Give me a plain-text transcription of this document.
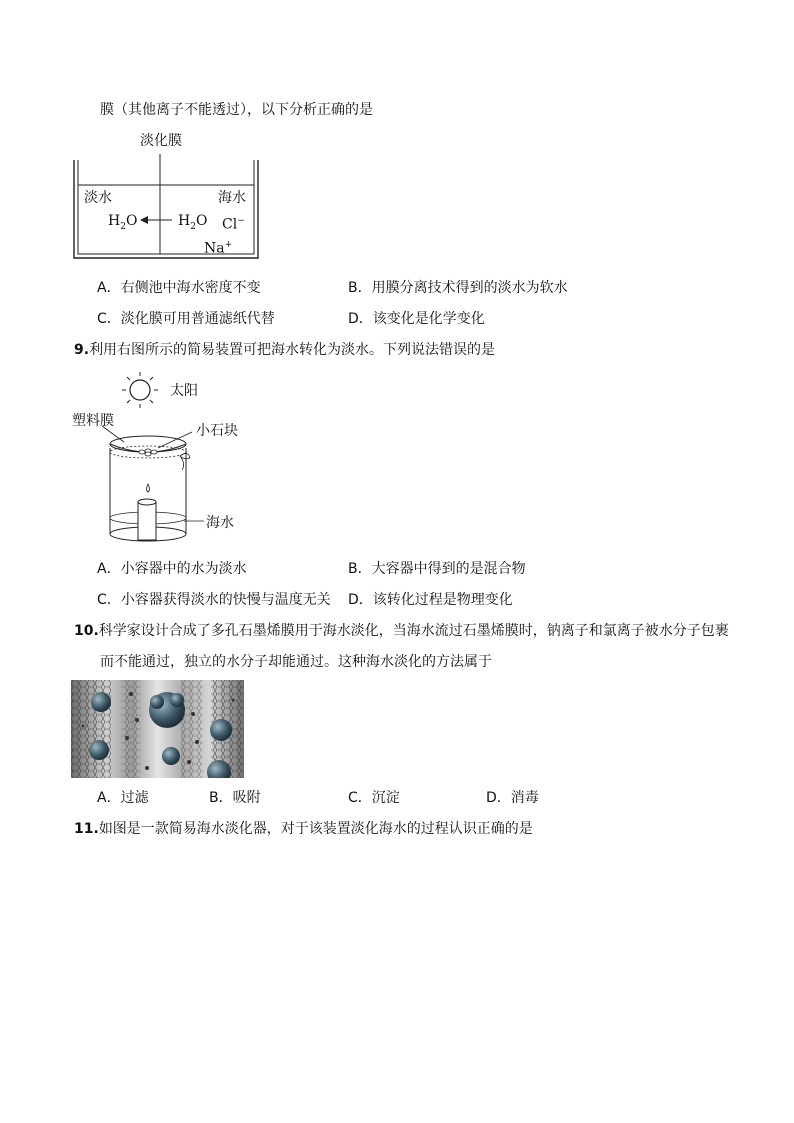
膜（其他离子不能透过），以下分析正确的是
淡化膜
淡水	海水
$H_2O$	$H_2O$ Cl−
Na+
A．右侧池中海水密度不变	B．用膜分离技术得到的淡水为软水
C．淡化膜可用普通滤纸代替	D．该变化是化学变化
9.利用右图所示的简易装置可把海水转化为淡水。下列说法错误的是
太阳
塑料膜
小石块
海水
A．小容器中的水为淡水	B．大容器中得到的是混合物
C．小容器获得淡水的快慢与温度无关 D．该转化过程是物理变化
10.科学家设计合成了多孔石墨烯膜用于海水淡化，当海水流过石墨烯膜时，钠离子和氯离子被水分子包裹
而不能通过，独立的水分子却能通过。这种海水淡化的方法属于
A．过滤	B．吸附	C．沉淀	D．消毒
11.如图是一款简易海水淡化器，对于该装置淡化海水的过程认识正确的是
